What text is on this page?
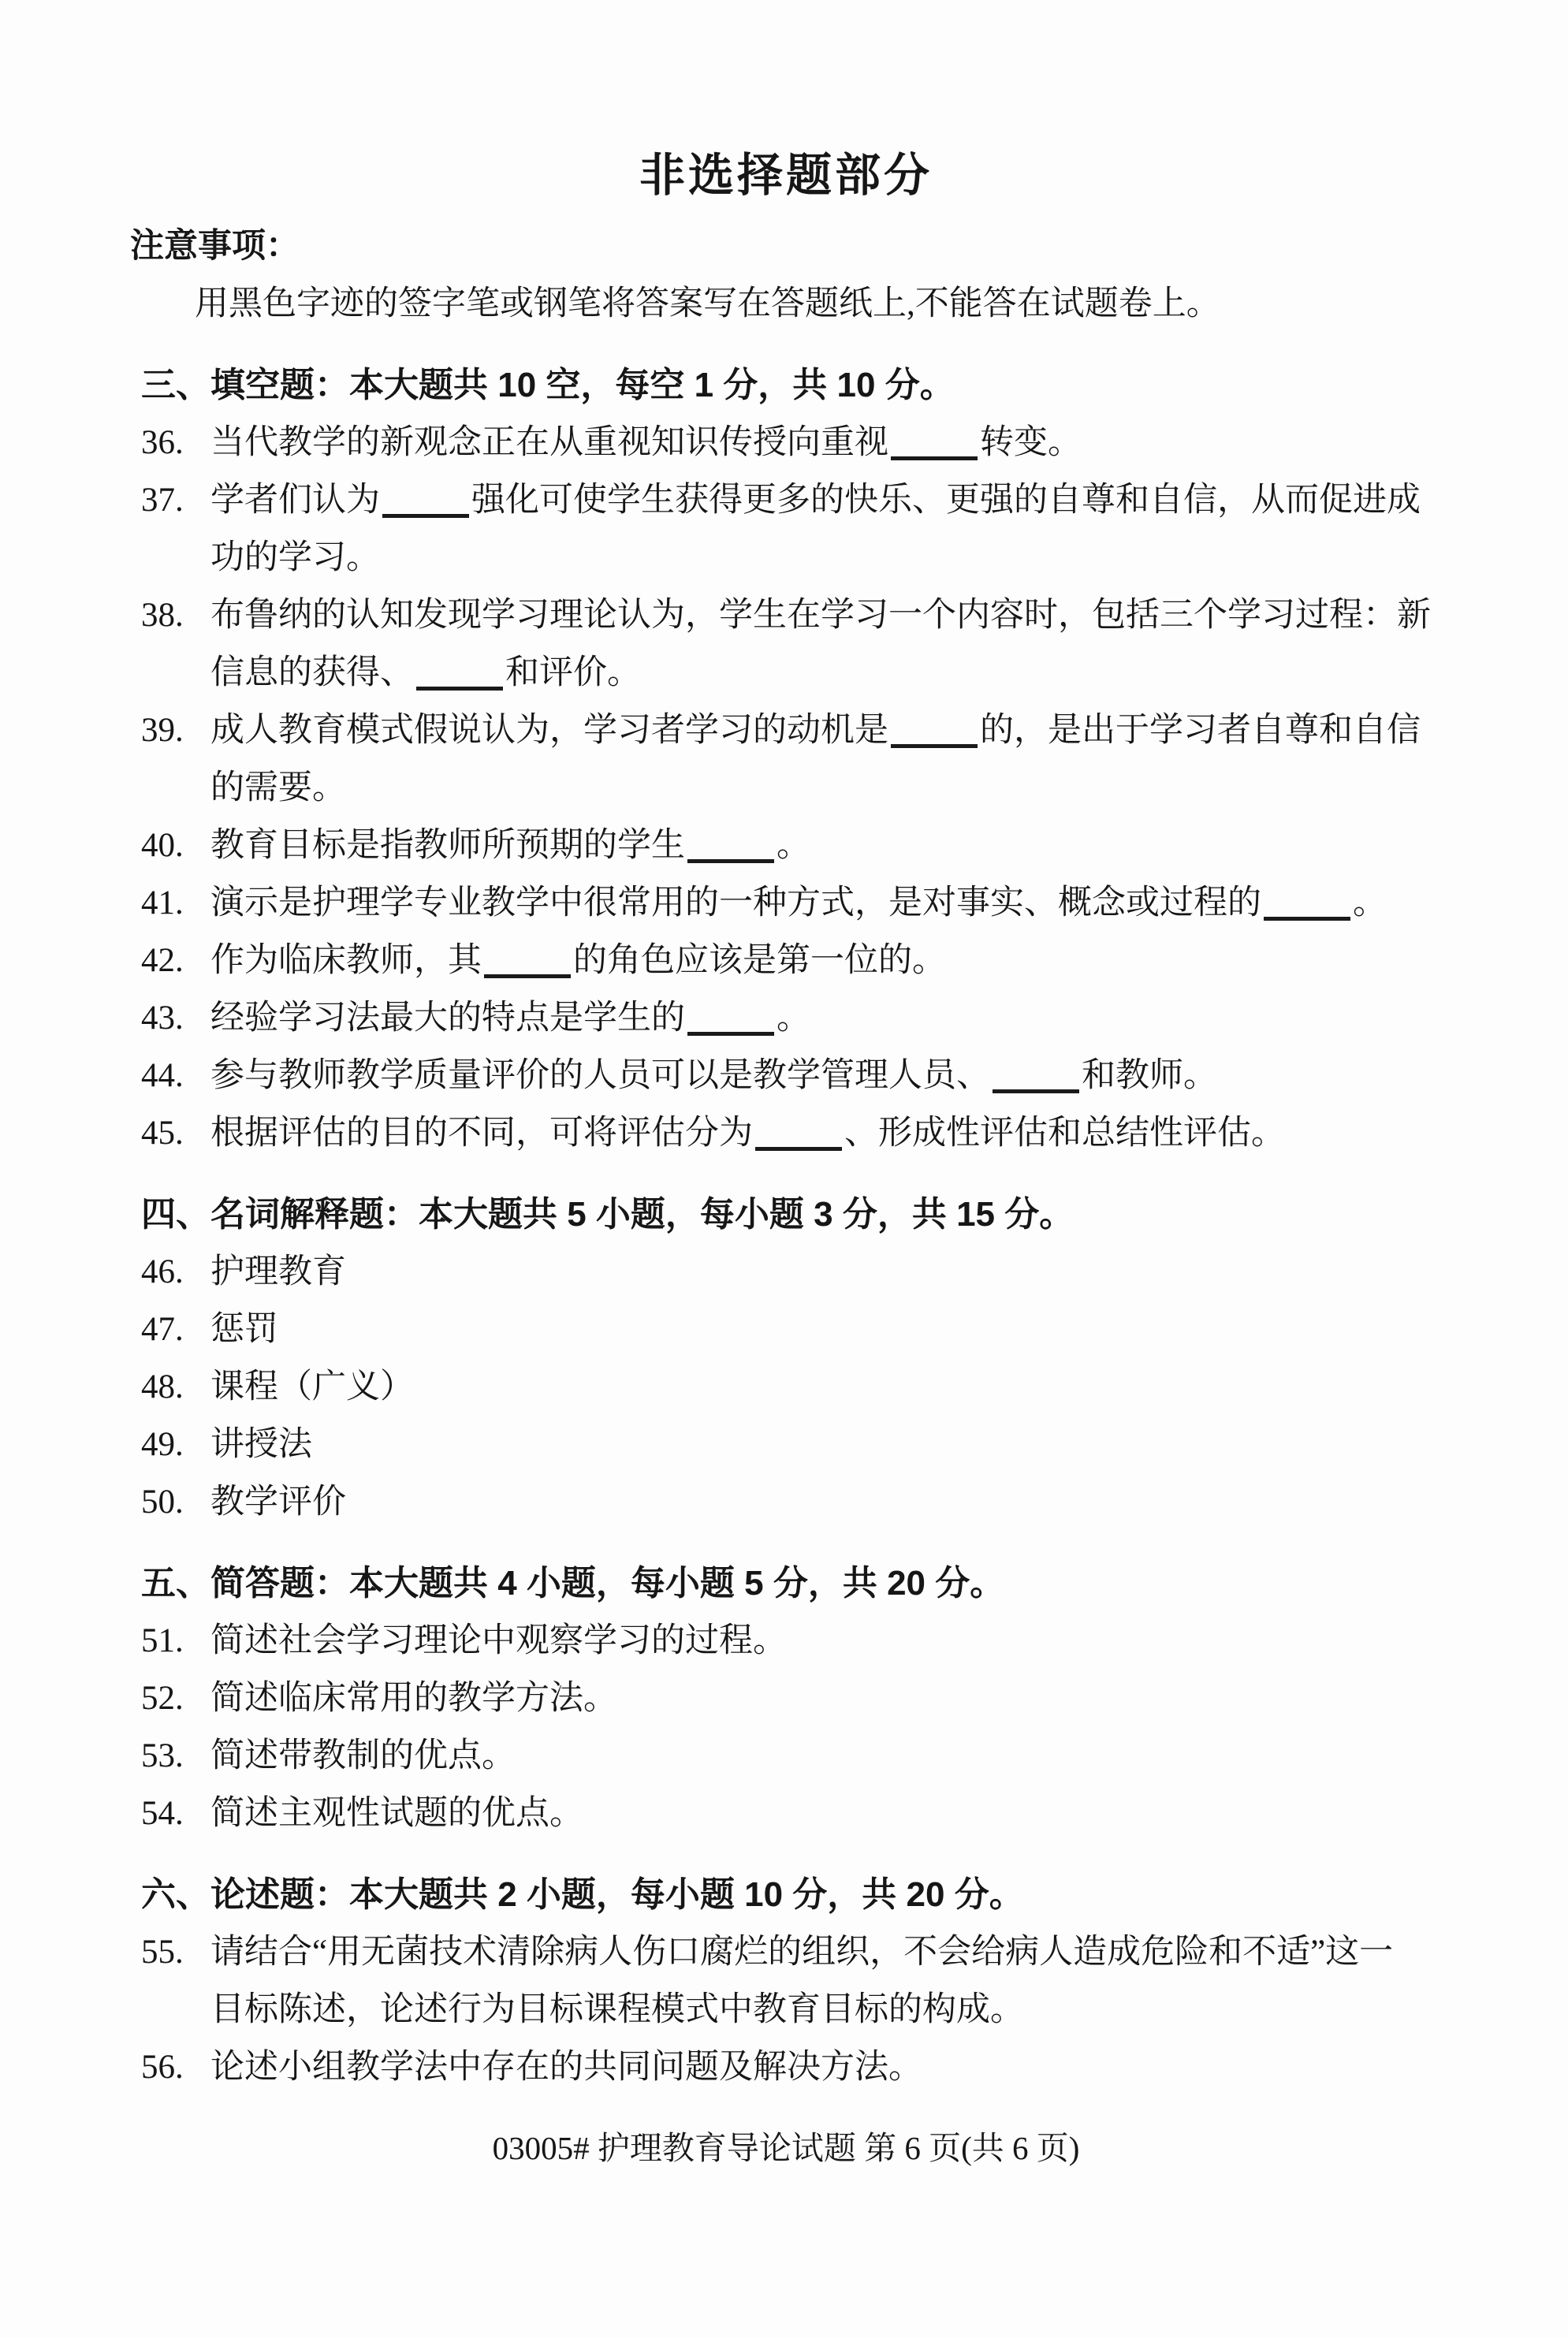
非选择题部分
注意事项：
用黑色字迹的签字笔或钢笔将答案写在答题纸上,不能答在试题卷上。
三、填空题：本大题共 10 空，每空 1 分，共 10 分。
36. 当代教学的新观念正在从重视知识传授向重视	转变。
37. 学者们认为	强化可使学生获得更多的快乐、更强的自尊和自信，从而促进成
功的学习。
38. 布鲁纳的认知发现学习理论认为，学生在学习一个内容时，包括三个学习过程：新
信息的获得、	和评价。
39. 成人教育模式假说认为，学习者学习的动机是	的，是出于学习者自尊和自信
的需要。
40. 教育目标是指教师所预期的学生	。
41. 演示是护理学专业教学中很常用的一种方式，是对事实、概念或过程的	。
42. 作为临床教师，其	的角色应该是第一位的。
43. 经验学习法最大的特点是学生的	。
44. 参与教师教学质量评价的人员可以是教学管理人员、	和教师。
45. 根据评估的目的不同，可将评估分为	、形成性评估和总结性评估。
四、名词解释题：本大题共 5 小题，每小题 3 分，共 15 分。
46. 护理教育
47. 惩罚
48. 课程（广义）
49. 讲授法
50. 教学评价
五、简答题：本大题共 4 小题，每小题 5 分，共 20 分。
51. 简述社会学习理论中观察学习的过程。
52. 简述临床常用的教学方法。
53. 简述带教制的优点。
54. 简述主观性试题的优点。
六、论述题：本大题共 2 小题，每小题 10 分，共 20 分。
55. 请结合“用无菌技术清除病人伤口腐烂的组织，不会给病人造成危险和不适”这一
目标陈述，论述行为目标课程模式中教育目标的构成。
56. 论述小组教学法中存在的共同问题及解决方法。
03005# 护理教育导论试题 第 6 页(共 6 页)
